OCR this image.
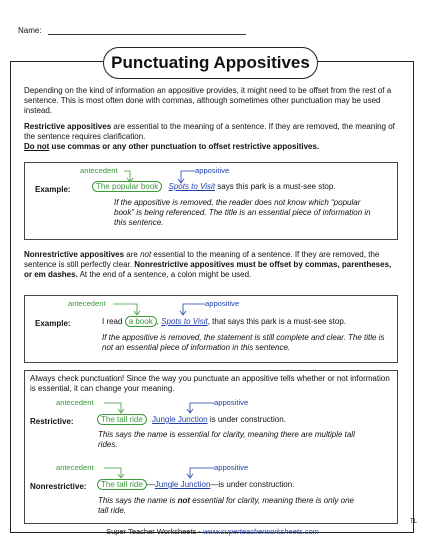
Name:
Punctuating Appositives
Depending on the kind of information an appositive provides, it might need to be offset from the rest of a sentence. This is most often done with commas, although sometimes other punctuation may be used instead.
Restrictive appositives are essential to the meaning of a sentence. If they are removed, the meaning of the sentence requires clarification.
Do not use commas or any other punctuation to offset restrictive appositives.
antecedent	appositive
Example:	The popular book Spots to Visit says this park is a must-see stop.
If the appositive is removed, the reader does not know which “popular book” is being referenced. The title is an essential piece of information in this sentence.
Nonrestrictive appositives are not essential to the meaning of a sentence. If they are removed, the sentence is still perfectly clear. Nonrestrictive appositives must be offset by commas, parentheses, or em dashes. At the end of a sentence, a colon might be used.
antecedent	appositive
Example:	I read a book , Spots to Visit, that says this park is a must-see stop.
If the appositive is removed, the statement is still complete and clear. The title is not an essential piece of information in this sentence.
Always check punctuation! Since the way you punctuate an appositive tells whether or not information is essential, it can change your meaning.
antecedent	appositive
Restrictive:	The tall ride Jungle Junction is under construction.
This says the name is essential for clarity, meaning there are multiple tall rides.
antecedent	appositive
Nonrestrictive:	The tall ride —Jungle Junction—is under construction.
This says the name is not essential for clarity, meaning there is only one tall ride.
Super Teacher Worksheets - www.superteacherworksheets.com
TL
